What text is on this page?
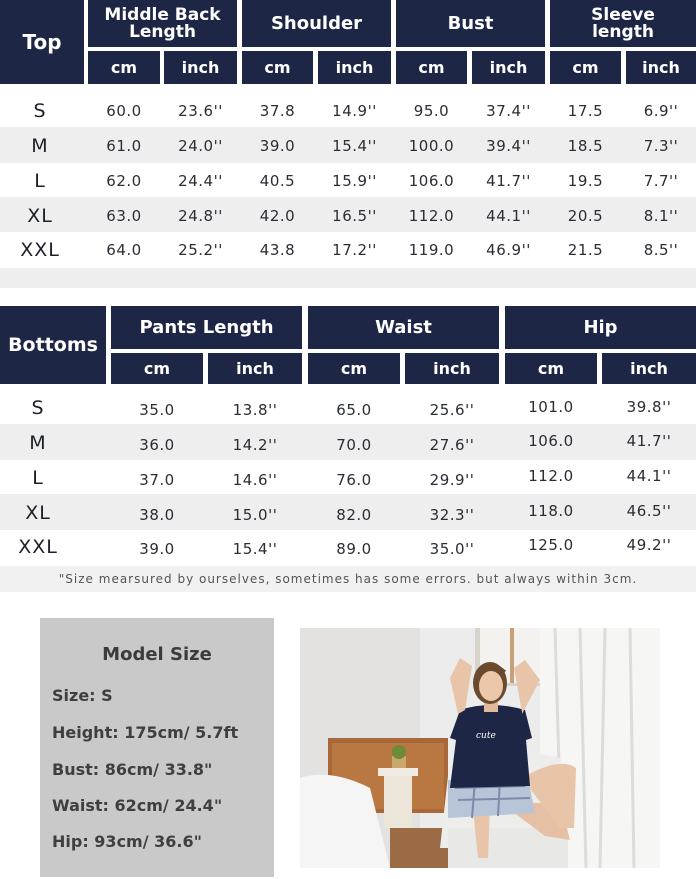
Top
Middle Back Length	Shoulder	Bust	Sleeve length
cm	inch	cm	inch	cm	inch	cm	inch
S	60.0	23.6''	37.8	14.9''	95.0	37.4''	17.5	6.9''
M	61.0	24.0''	39.0	15.4''	100.0	39.4''	18.5	7.3''
L	62.0	24.4''	40.5	15.9''	106.0	41.7''	19.5	7.7''
XL	63.0	24.8''	42.0	16.5''	112.0	44.1''	20.5	8.1''
XXL	64.0	25.2''	43.8	17.2''	119.0	46.9''	21.5	8.5''
Bottoms
Pants Length	Waist	Hip
cm	inch	cm	inch	cm	inch
S	35.0	13.8''	65.0	25.6''	101.0	39.8''
M	36.0	14.2''	70.0	27.6''	106.0	41.7''
L	37.0	14.6''	76.0	29.9''	112.0	44.1''
XL	38.0	15.0''	82.0	32.3''	118.0	46.5''
XXL	39.0	15.4''	89.0	35.0''	125.0	49.2''
"Size mearsured by ourselves, sometimes has some errors. but always within 3cm.
Model Size
Size: S
Height: 175cm/ 5.7ft
Bust: 86cm/ 33.8"
Waist: 62cm/ 24.4"
Hip: 93cm/ 36.6"
cute
